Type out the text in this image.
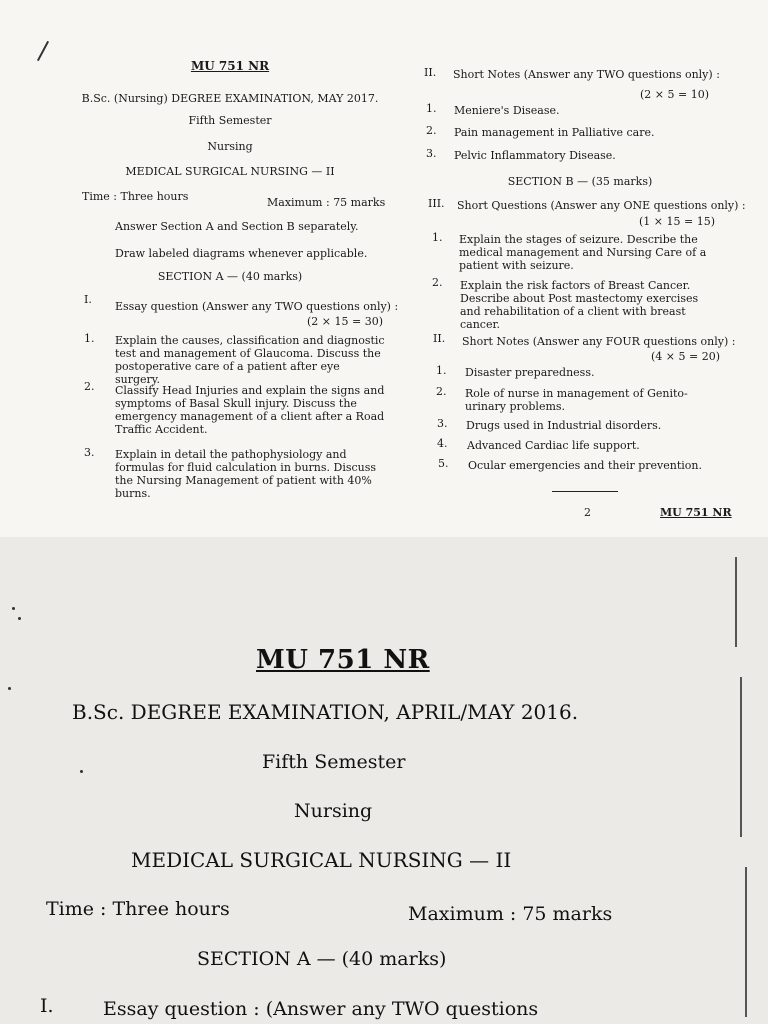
MU 751 NR
B.Sc. (Nursing) DEGREE EXAMINATION, MAY 2017.
Fifth Semester
Nursing
MEDICAL SURGICAL NURSING — II
Time : Three hours	Maximum : 75 marks
Answer Section A and Section B separately.
Draw labeled diagrams whenever applicable.
SECTION A — (40 marks)
I.
Essay question (Answer any TWO questions only) :
(2 × 15 = 30)
1. Explain the causes, classification and diagnostic test and management of Glaucoma. Discuss the postoperative care of a patient after eye surgery.
2. Classify Head Injuries and explain the signs and symptoms of Basal Skull injury. Discuss the emergency management of a client after a Road Traffic Accident.
3. Explain in detail the pathophysiology and formulas for fluid calculation in burns. Discuss the Nursing Management of patient with 40% burns.
II. Short Notes (Answer any TWO questions only) :
(2 × 5 = 10)
1. Meniere's Disease.
2. Pain management in Palliative care.
3. Pelvic Inflammatory Disease.
SECTION B — (35 marks)
III. Short Questions (Answer any ONE questions only) :
(1 × 15 = 15)
1. Explain the stages of seizure. Describe the medical management and Nursing Care of a patient with seizure.
2. Explain the risk factors of Breast Cancer. Describe about Post mastectomy exercises and rehabilitation of a client with breast cancer.
II. Short Notes (Answer any FOUR questions only) :
(4 × 5 = 20)
1. Disaster preparedness.
2. Role of nurse in management of Genito-urinary problems.
3. Drugs used in Industrial disorders.
4. Advanced Cardiac life support.
5. Ocular emergencies and their prevention.
2	MU 751 NR
MU 751 NR
B.Sc. DEGREE EXAMINATION, APRIL/MAY 2016.
Fifth Semester
Nursing
MEDICAL SURGICAL NURSING — II
Time : Three hours	Maximum : 75 marks
SECTION A — (40 marks)
I.	Essay question : (Answer any TWO questions
